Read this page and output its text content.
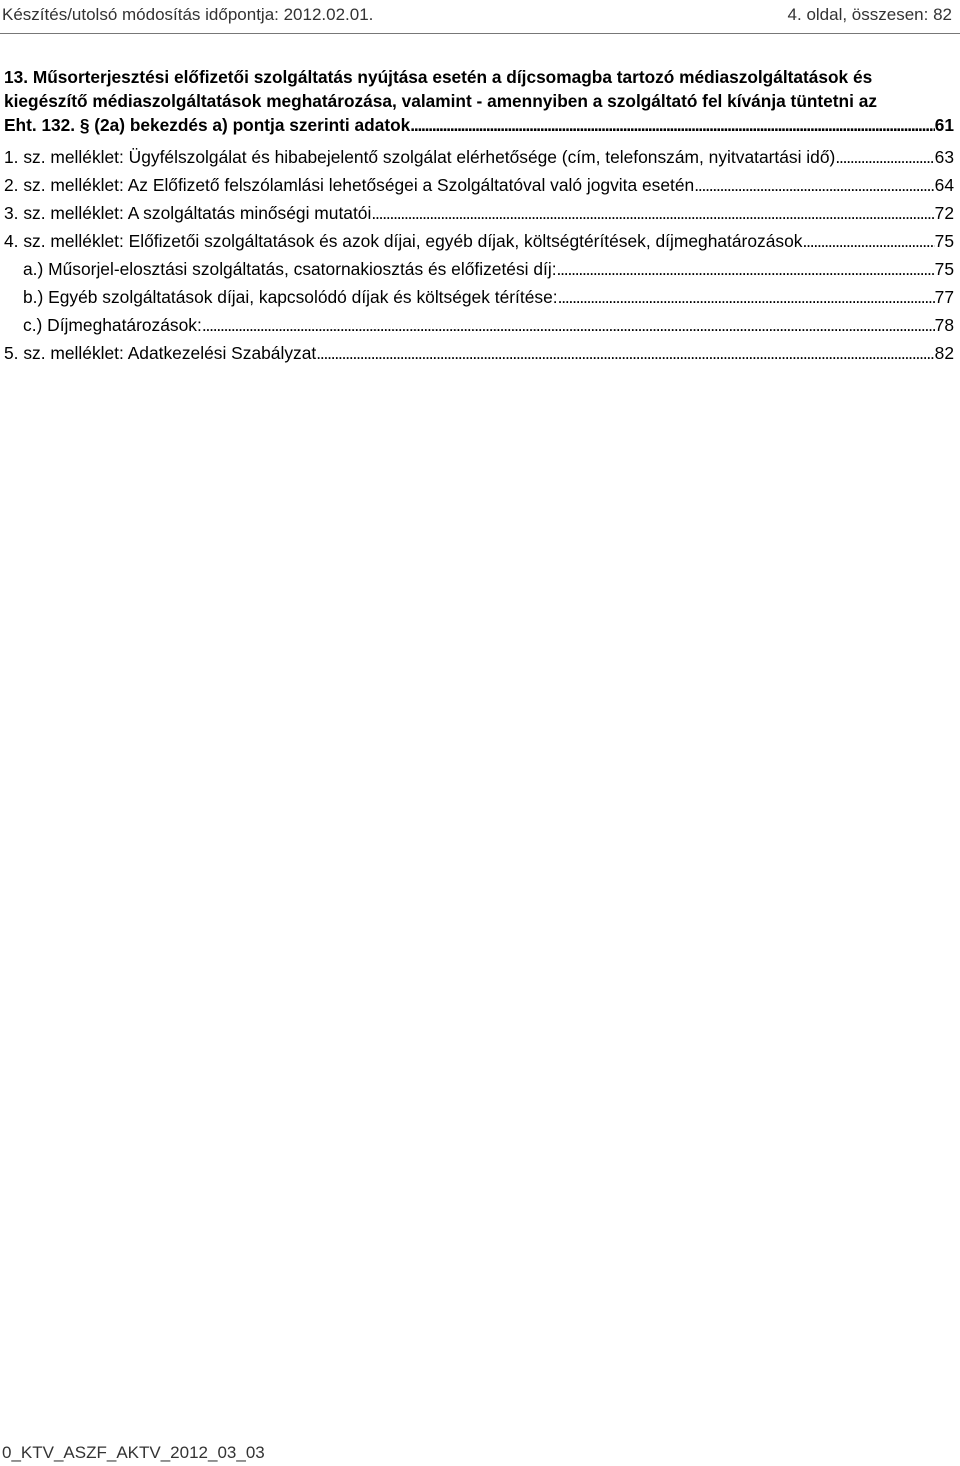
Készítés/utolsó módosítás időpontja: 2012.02.01.	4. oldal, összesen: 82
13. Műsorterjesztési előfizetői szolgáltatás nyújtása esetén a díjcsomagba tartozó médiaszolgáltatások és
kiegészítő médiaszolgáltatások meghatározása, valamint - amennyiben a szolgáltató fel kívánja tüntetni az
Eht. 132. § (2a) bekezdés a) pontja szerinti adatok .....	61
1. sz. melléklet: Ügyfélszolgálat és hibabejelentő szolgálat elérhetősége (cím, telefonszám, nyitvatartási idő) .....	63
2. sz. melléklet: Az Előfizető felszólamlási lehetőségei a Szolgáltatóval való jogvita esetén .....	64
3. sz. melléklet: A szolgáltatás minőségi mutatói .....	72
4. sz. melléklet: Előfizetői szolgáltatások és azok díjai, egyéb díjak, költségtérítések, díjmeghatározások .....	75
a.) Műsorjel-elosztási szolgáltatás, csatornakiosztás és előfizetési díj: .....	75
b.) Egyéb szolgáltatások díjai, kapcsolódó díjak és költségek térítése: .....	77
c.) Díjmeghatározások: .....	78
5. sz. melléklet: Adatkezelési Szabályzat .....	82
0_KTV_ASZF_AKTV_2012_03_03
